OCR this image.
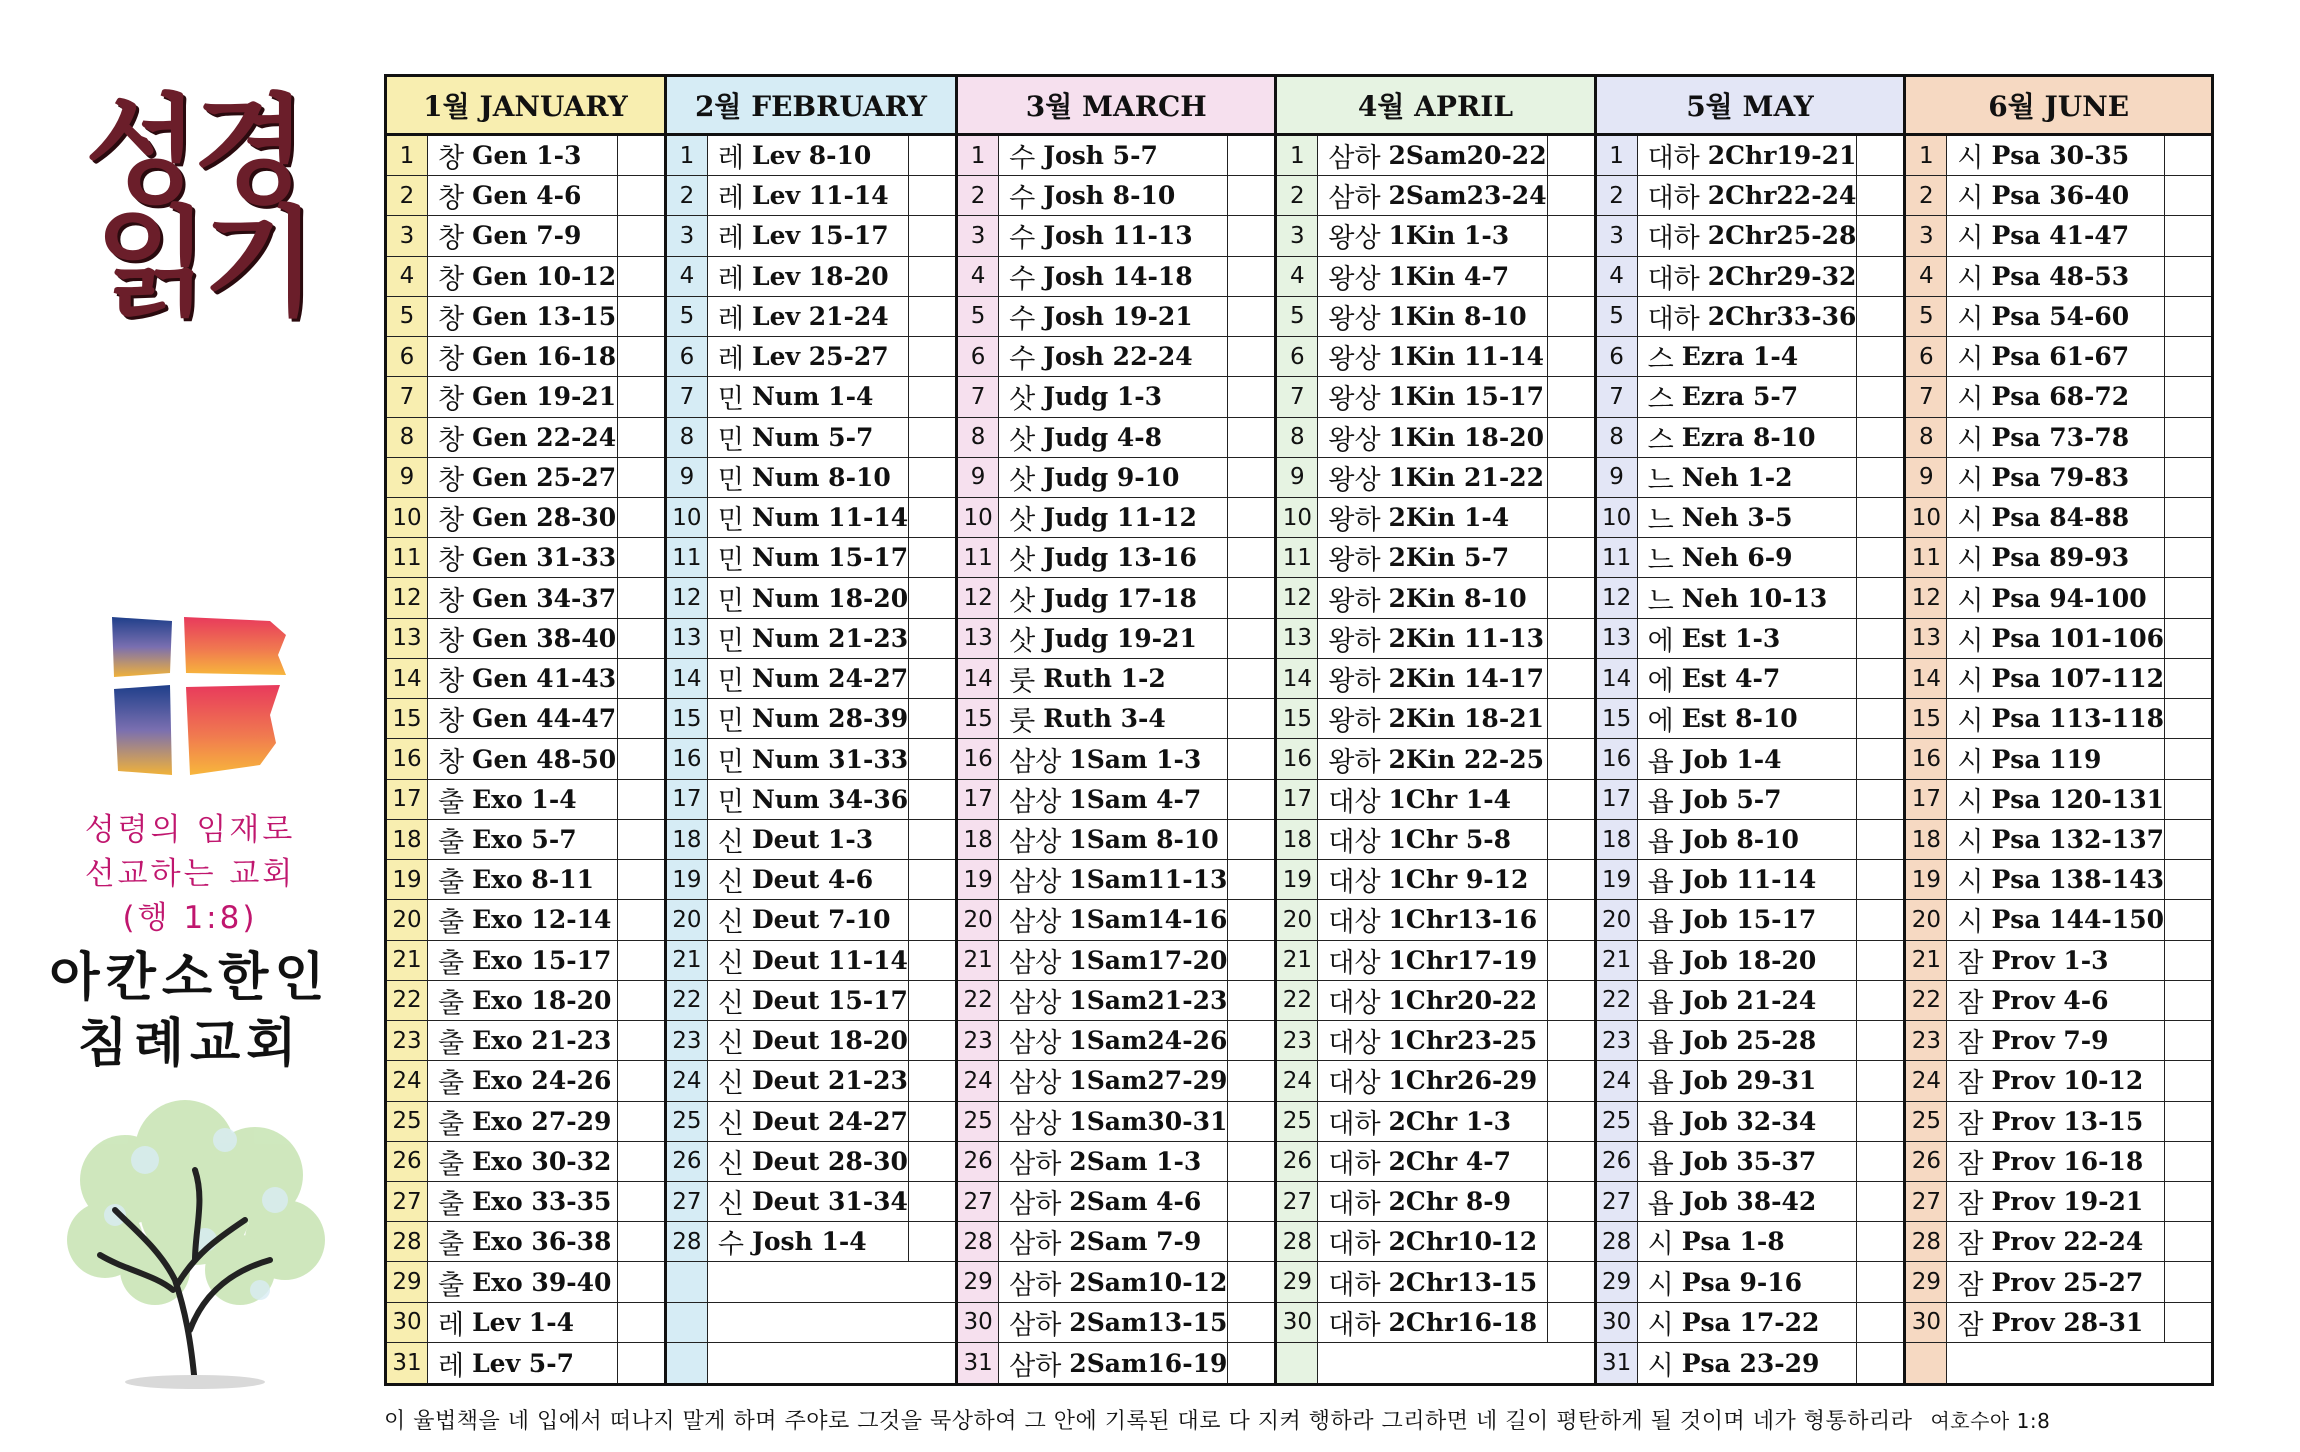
성경
읽기
성령의 임재로
선교하는 교회
(행 1:8)
아칸소한인
침례교회
1월 JANUARY
1 창 Gen 1-3
2 창 Gen 4-6
3 창 Gen 7-9
4 창 Gen 10-12
5 창 Gen 13-15
6 창 Gen 16-18
7 창 Gen 19-21
8 창 Gen 22-24
9 창 Gen 25-27
10 창 Gen 28-30
11 창 Gen 31-33
12 창 Gen 34-37
13 창 Gen 38-40
14 창 Gen 41-43
15 창 Gen 44-47
16 창 Gen 48-50
17 출 Exo 1-4
18 출 Exo 5-7
19 출 Exo 8-11
20 출 Exo 12-14
21 출 Exo 15-17
22 출 Exo 18-20
23 출 Exo 21-23
24 출 Exo 24-26
25 출 Exo 27-29
26 출 Exo 30-32
27 출 Exo 33-35
28 출 Exo 36-38
29 출 Exo 39-40
30 레 Lev 1-4
31 레 Lev 5-7
2월 FEBRUARY
1 레 Lev 8-10
2 레 Lev 11-14
3 레 Lev 15-17
4 레 Lev 18-20
5 레 Lev 21-24
6 레 Lev 25-27
7 민 Num 1-4
8 민 Num 5-7
9 민 Num 8-10
10 민 Num 11-14
11 민 Num 15-17
12 민 Num 18-20
13 민 Num 21-23
14 민 Num 24-27
15 민 Num 28-39
16 민 Num 31-33
17 민 Num 34-36
18 신 Deut 1-3
19 신 Deut 4-6
20 신 Deut 7-10
21 신 Deut 11-14
22 신 Deut 15-17
23 신 Deut 18-20
24 신 Deut 21-23
25 신 Deut 24-27
26 신 Deut 28-30
27 신 Deut 31-34
28 수 Josh 1-4
3월 MARCH
1 수 Josh 5-7
2 수 Josh 8-10
3 수 Josh 11-13
4 수 Josh 14-18
5 수 Josh 19-21
6 수 Josh 22-24
7 삿 Judg 1-3
8 삿 Judg 4-8
9 삿 Judg 9-10
10 삿 Judg 11-12
11 삿 Judg 13-16
12 삿 Judg 17-18
13 삿 Judg 19-21
14 룻 Ruth 1-2
15 룻 Ruth 3-4
16 삼상 1Sam 1-3
17 삼상 1Sam 4-7
18 삼상 1Sam 8-10
19 삼상 1Sam11-13
20 삼상 1Sam14-16
21 삼상 1Sam17-20
22 삼상 1Sam21-23
23 삼상 1Sam24-26
24 삼상 1Sam27-29
25 삼상 1Sam30-31
26 삼하 2Sam 1-3
27 삼하 2Sam 4-6
28 삼하 2Sam 7-9
29 삼하 2Sam10-12
30 삼하 2Sam13-15
31 삼하 2Sam16-19
4월 APRIL
1 삼하 2Sam20-22
2 삼하 2Sam23-24
3 왕상 1Kin 1-3
4 왕상 1Kin 4-7
5 왕상 1Kin 8-10
6 왕상 1Kin 11-14
7 왕상 1Kin 15-17
8 왕상 1Kin 18-20
9 왕상 1Kin 21-22
10 왕하 2Kin 1-4
11 왕하 2Kin 5-7
12 왕하 2Kin 8-10
13 왕하 2Kin 11-13
14 왕하 2Kin 14-17
15 왕하 2Kin 18-21
16 왕하 2Kin 22-25
17 대상 1Chr 1-4
18 대상 1Chr 5-8
19 대상 1Chr 9-12
20 대상 1Chr13-16
21 대상 1Chr17-19
22 대상 1Chr20-22
23 대상 1Chr23-25
24 대상 1Chr26-29
25 대하 2Chr 1-3
26 대하 2Chr 4-7
27 대하 2Chr 8-9
28 대하 2Chr10-12
29 대하 2Chr13-15
30 대하 2Chr16-18
5월 MAY
1 대하 2Chr19-21
2 대하 2Chr22-24
3 대하 2Chr25-28
4 대하 2Chr29-32
5 대하 2Chr33-36
6 스 Ezra 1-4
7 스 Ezra 5-7
8 스 Ezra 8-10
9 느 Neh 1-2
10 느 Neh 3-5
11 느 Neh 6-9
12 느 Neh 10-13
13 에 Est 1-3
14 에 Est 4-7
15 에 Est 8-10
16 욥 Job 1-4
17 욥 Job 5-7
18 욥 Job 8-10
19 욥 Job 11-14
20 욥 Job 15-17
21 욥 Job 18-20
22 욥 Job 21-24
23 욥 Job 25-28
24 욥 Job 29-31
25 욥 Job 32-34
26 욥 Job 35-37
27 욥 Job 38-42
28 시 Psa 1-8
29 시 Psa 9-16
30 시 Psa 17-22
31 시 Psa 23-29
6월 JUNE
1 시 Psa 30-35
2 시 Psa 36-40
3 시 Psa 41-47
4 시 Psa 48-53
5 시 Psa 54-60
6 시 Psa 61-67
7 시 Psa 68-72
8 시 Psa 73-78
9 시 Psa 79-83
10 시 Psa 84-88
11 시 Psa 89-93
12 시 Psa 94-100
13 시 Psa 101-106
14 시 Psa 107-112
15 시 Psa 113-118
16 시 Psa 119
17 시 Psa 120-131
18 시 Psa 132-137
19 시 Psa 138-143
20 시 Psa 144-150
21 잠 Prov 1-3
22 잠 Prov 4-6
23 잠 Prov 7-9
24 잠 Prov 10-12
25 잠 Prov 13-15
26 잠 Prov 16-18
27 잠 Prov 19-21
28 잠 Prov 22-24
29 잠 Prov 25-27
30 잠 Prov 28-31
이 율법책을 네 입에서 떠나지 말게 하며 주야로 그것을 묵상하여 그 안에 기록된 대로 다 지켜 행하라 그리하면 네 길이 평탄하게 될 것이며 네가 형통하리라 여호수아 1:8
